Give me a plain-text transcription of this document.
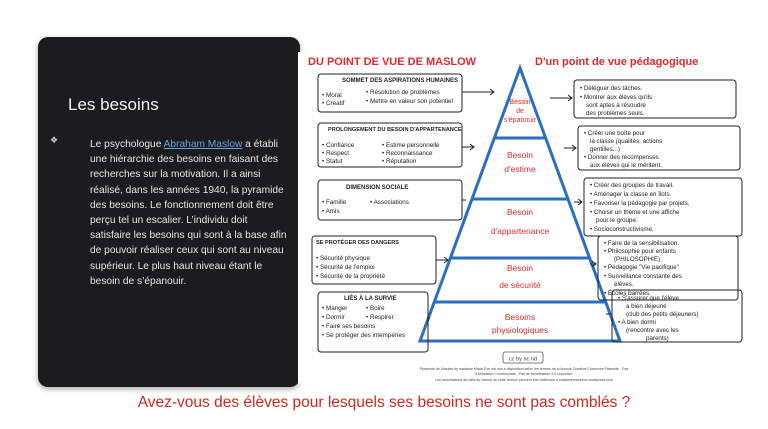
Les besoins
❖	Le psychologue Abraham Maslow a établi une hiérarchie des besoins en faisant des recherches sur la motivation. Il a ainsi réalisé, dans les années 1940, la pyramide des besoins. Le fonctionnement doit être perçu tel un escalier. L’individu doit satisfaire les besoins qui sont à la base afin de pouvoir réaliser ceux qui sont au niveau supérieur. Le plus haut niveau étant le besoin de s’épanouir.
DU POINT DE VUE DE MASLOW	D'un point de vue pédagogique
Besoin
de
s'épanouir
Besoin
d'estime
Besoin
d'appartenance
Besoin
de sécurité
Besoins
physiologiques
SOMMET DES ASPIRATIONS HUMAINES
• Moral
• Créatif
• Résolution de problèmes
• Mettre en valeur son potentiel
PROLONGEMENT DU BESOIN D'APPARTENANCE
• Confiance
• Respect
• Statut
• Estime personnelle
• Reconnaissance
• Réputation
DIMENSION SOCIALE
• Famille
• Amis
• Associations
SE PROTÉGER DES DANGERS
• Sécurité physique
• Sécurité de l'emploi
• Sécurité de la propriété
LIÉS À LA SURVIE
• Manger
• Dormir
• Boire
• Respirer
• Faire ses besoins
• Se protéger des intempéries
• Déléguer des tâches.
• Montrer aux élèves qu'ils
sont aptes à résoudre
des problèmes seuls.
• Créer une boîte pour
la classe (qualités, actions
gentilles...)
• Donner des récompenses
aux élèves qui le méritent.
• Créer des groupes de travail.
• Aménager la classe en îlots.
• Favoriser la pédagogie par projets.
• Choisir un thème et une affiche
pour le groupe.
• Socioconstructivisme.
• Faire de la sensibilisation.
• Philosophie pour enfants
(PHILOSOPHIE)
• Pédagogie "Vie pacifique"
• Surveillance constante des
élèves.
• Écoles barrées.
• S'assurer que l'élève
a bien déjeuné
(club des petits déjeuners)
• A bien dormi
(rencontre avec les
parents)
cc by nc nd
Pyramide de Maslow by madame Marie-Eve est mis à disposition selon les termes de la licence Creative Commons Paternité - Pas
d'Utilisation Commerciale - Pas de Modification 3.0 Unported.
Les autorisations au-delà du champ de cette licence peuvent être obtenues à madamemarieeve.wordpress.com
Avez-vous des élèves pour lesquels ses besoins ne sont pas comblés ?
